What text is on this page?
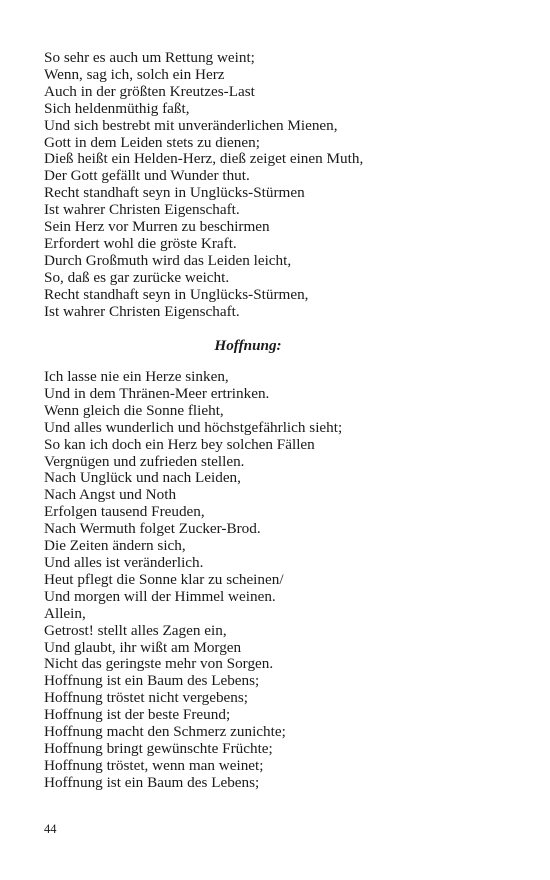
So sehr es auch um Rettung weint;
Wenn, sag ich, solch ein Herz
Auch in der größten Kreutzes-Last
Sich heldenmüthig faßt,
Und sich bestrebt mit unveränderlichen Mienen,
Gott in dem Leiden stets zu dienen;
Dieß heißt ein Helden-Herz, dieß zeiget einen Muth,
Der Gott gefällt und Wunder thut.
Recht standhaft seyn in Unglücks-Stürmen
Ist wahrer Christen Eigenschaft.
Sein Herz vor Murren zu beschirmen
Erfordert wohl die gröste Kraft.
Durch Großmuth wird das Leiden leicht,
So, daß es gar zurücke weicht.
Recht standhaft seyn in Unglücks-Stürmen,
Ist wahrer Christen Eigenschaft.
Hoffnung:
Ich lasse nie ein Herze sinken,
Und in dem Thränen-Meer ertrinken.
Wenn gleich die Sonne flieht,
Und alles wunderlich und höchstgefährlich sieht;
So kan ich doch ein Herz bey solchen Fällen
Vergnügen und zufrieden stellen.
Nach Unglück und nach Leiden,
Nach Angst und Noth
Erfolgen tausend Freuden,
Nach Wermuth folget Zucker-Brod.
Die Zeiten ändern sich,
Und alles ist veränderlich.
Heut pflegt die Sonne klar zu scheinen/
Und morgen will der Himmel weinen.
Allein,
Getrost! stellt alles Zagen ein,
Und glaubt, ihr wißt am Morgen
Nicht das geringste mehr von Sorgen.
Hoffnung ist ein Baum des Lebens;
Hoffnung tröstet nicht vergebens;
Hoffnung ist der beste Freund;
Hoffnung macht den Schmerz zunichte;
Hoffnung bringt gewünschte Früchte;
Hoffnung tröstet, wenn man weinet;
Hoffnung ist ein Baum des Lebens;
44
